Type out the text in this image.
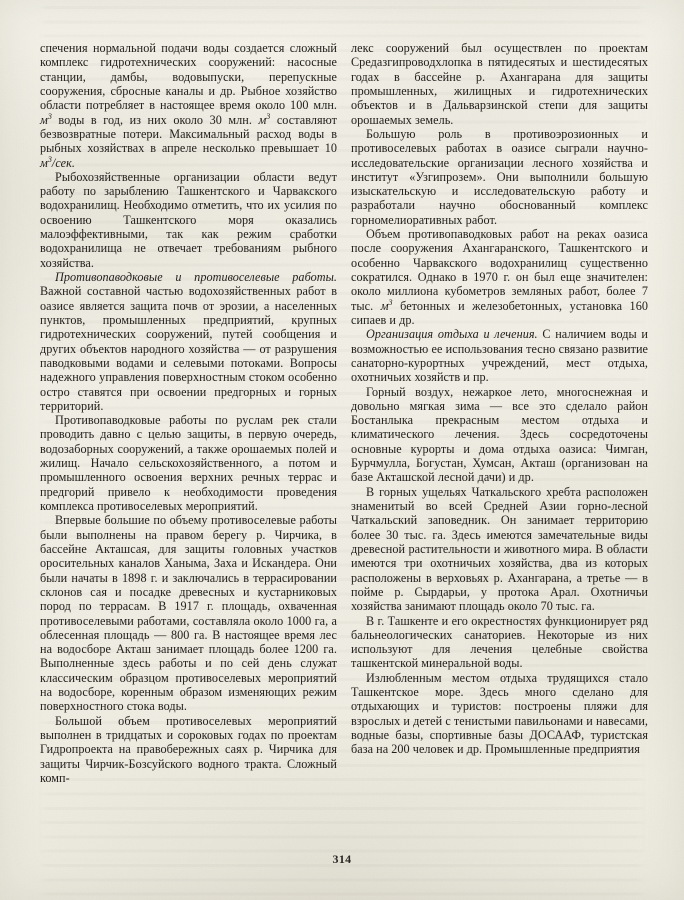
спечения нормальной подачи воды создается сложный комплекс гидротехнических сооружений: насосные станции, дамбы, водовыпуски, перепускные сооружения, сбросные каналы и др. Рыбное хозяйство области потребляет в настоящее время около 100 млн. $м^3$ воды в год, из них около 30 млн. $м^3$ составляют безвозвратные потери. Максимальный расход воды в рыбных хозяйствах в апреле несколько превышает 10 $м^3$/сек.

Рыбохозяйственные организации области ведут работу по зарыблению Ташкентского и Чарвакского водохранилищ. Необходимо отметить, что их усилия по освоению Ташкентского моря оказались малоэффективными, так как режим сработки водохранилища не отвечает требованиям рыбного хозяйства.

Противопаводковые и противоселевые работы. Важной составной частью водохозяйственных работ в оазисе является защита почв от эрозии, а населенных пунктов, промышленных предприятий, крупных гидротехнических сооружений, путей сообщения и других объектов народного хозяйства — от разрушения паводковыми водами и селевыми потоками. Вопросы надежного управления поверхностным стоком особенно остро ставятся при освоении предгорных и горных территорий.

Противопаводковые работы по руслам рек стали проводить давно с целью защиты, в первую очередь, водозаборных сооружений, а также орошаемых полей и жилищ. Начало сельскохозяйственного, а потом и промышленного освоения верхних речных террас и предгорий привело к необходимости проведения комплекса противоселевых мероприятий.

Впервые большие по объему противоселевые работы были выполнены на правом берегу р. Чирчика, в бассейне Акташсая, для защиты головных участков оросительных каналов Ханыма, Заха и Искандера. Они были начаты в 1898 г. и заключались в террасировании склонов сая и посадке древесных и кустарниковых пород по террасам. В 1917 г. площадь, охваченная противоселевыми работами, составляла около 1000 га, а облесенная площадь — 800 га. В настоящее время лес на водосборе Акташ занимает площадь более 1200 га. Выполненные здесь работы и по сей день служат классическим образцом противоселевых мероприятий на водосборе, коренным образом изменяющих режим поверхностного стока воды.

Большой объем противоселевых мероприятий выполнен в тридцатых и сороковых годах по проектам Гидропроекта на правобережных саях р. Чирчика для защиты Чирчик-Бозсуйского водного тракта. Сложный комп-

лекс сооружений был осуществлен по проектам Средазгипроводхлопка в пятидесятых и шестидесятых годах в бассейне р. Ахангарана для защиты промышленных, жилищных и гидротехнических объектов и в Дальварзинской степи для защиты орошаемых земель.

Большую роль в противоэрозионных и противоселевых работах в оазисе сыграли научно-исследовательские организации лесного хозяйства и институт «Узгипрозем». Они выполнили большую изыскательскую и исследовательскую работу и разработали научно обоснованный комплекс горномелиоративных работ.

Объем противопаводковых работ на реках оазиса после сооружения Ахангаранского, Ташкентского и особенно Чарвакского водохранилищ существенно сократился. Однако в 1970 г. он был еще значителен: около миллиона кубометров земляных работ, более 7 тыс. $м^3$ бетонных и железобетонных, установка 160 сипаев и др.

Организация отдыха и лечения. С наличием воды и возможностью ее использования тесно связано развитие санаторно-курортных учреждений, мест отдыха, охотничьих хозяйств и пр.

Горный воздух, нежаркое лето, многоснежная и довольно мягкая зима — все это сделало район Бостанлыка прекрасным местом отдыха и климатического лечения. Здесь сосредоточены основные курорты и дома отдыха оазиса: Чимган, Бурчмулла, Богустан, Хумсан, Акташ (организован на базе Акташской лесной дачи) и др.

В горных ущельях Чаткальского хребта расположен знаменитый во всей Средней Азии горно-лесной Чаткальский заповедник. Он занимает территорию более 30 тыс. га. Здесь имеются замечательные виды древесной растительности и животного мира. В области имеются три охотничьих хозяйства, два из которых расположены в верховьях р. Ахангарана, а третье — в пойме р. Сырдарьи, у протока Арал. Охотничьи хозяйства занимают площадь около 70 тыс. га.

В г. Ташкенте и его окрестностях функционирует ряд бальнеологических санаториев. Некоторые из них используют для лечения целебные свойства ташкентской минеральной воды.

Излюбленным местом отдыха трудящихся стало Ташкентское море. Здесь много сделано для отдыхающих и туристов: построены пляжи для взрослых и детей с тенистыми павильонами и навесами, водные базы, спортивные базы ДОСААФ, туристская база на 200 человек и др. Промышленные предприятия

314
